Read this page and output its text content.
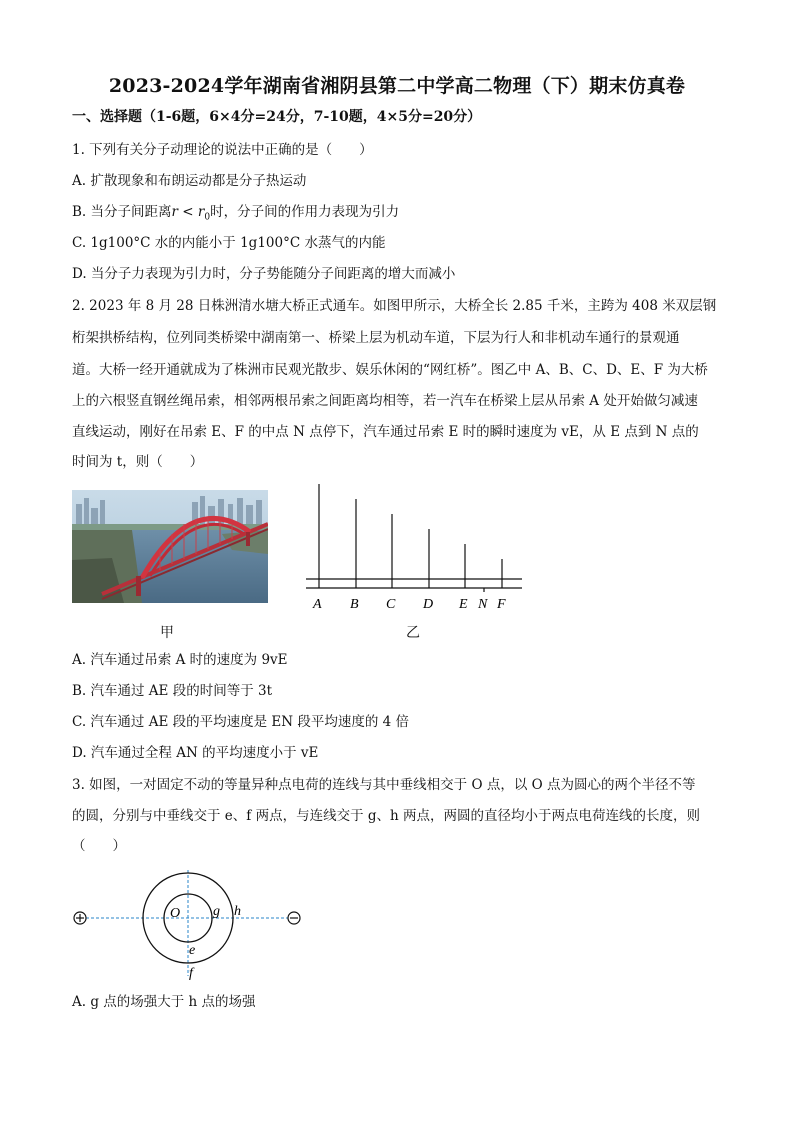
2023-2024学年湖南省湘阴县第二中学高二物理（下）期末仿真卷
一、选择题（1-6题，6×4分=24分，7-10题，4×5分=20分）
1. 下列有关分子动理论的说法中正确的是（　　）
A. 扩散现象和布朗运动都是分子热运动
B. 当分子间距离$r < r_0$时，分子间的作用力表现为引力
C. 1g100°C 水的内能小于 1g100°C 水蒸气的内能
D. 当分子力表现为引力时，分子势能随分子间距离的增大而减小
2. 2023 年 8 月 28 日株洲清水塘大桥正式通车。如图甲所示，大桥全长 2.85 千米，主跨为 408 米双层钢
桁架拱桥结构，位列同类桥梁中湖南第一、桥梁上层为机动车道，下层为行人和非机动车通行的景观通
道。大桥一经开通就成为了株洲市民观光散步、娱乐休闲的“网红桥”。图乙中 A、B、C、D、E、F 为大桥
上的六根竖直钢丝绳吊索，相邻两根吊索之间距离均相等，若一汽车在桥梁上层从吊索 A 处开始做匀减速
直线运动，刚好在吊索 E、F 的中点 N 点停下，汽车通过吊索 E 时的瞬时速度为 vE，从 E 点到 N 点的
时间为 t，则（　　）
甲
A B C D E N F
乙
A. 汽车通过吊索 A 时的速度为 9vE
B. 汽车通过 AE 段的时间等于 3t
C. 汽车通过 AE 段的平均速度是 EN 段平均速度的 4 倍
D. 汽车通过全程 AN 的平均速度小于 vE
3. 如图，一对固定不动的等量异种点电荷的连线与其中垂线相交于 O 点，以 O 点为圆心的两个半径不等
的圆，分别与中垂线交于 e、f 两点，与连线交于 g、h 两点，两圆的直径均小于两点电荷连线的长度，则
（　　）
O g h
e
f
A. g 点的场强大于 h 点的场强
